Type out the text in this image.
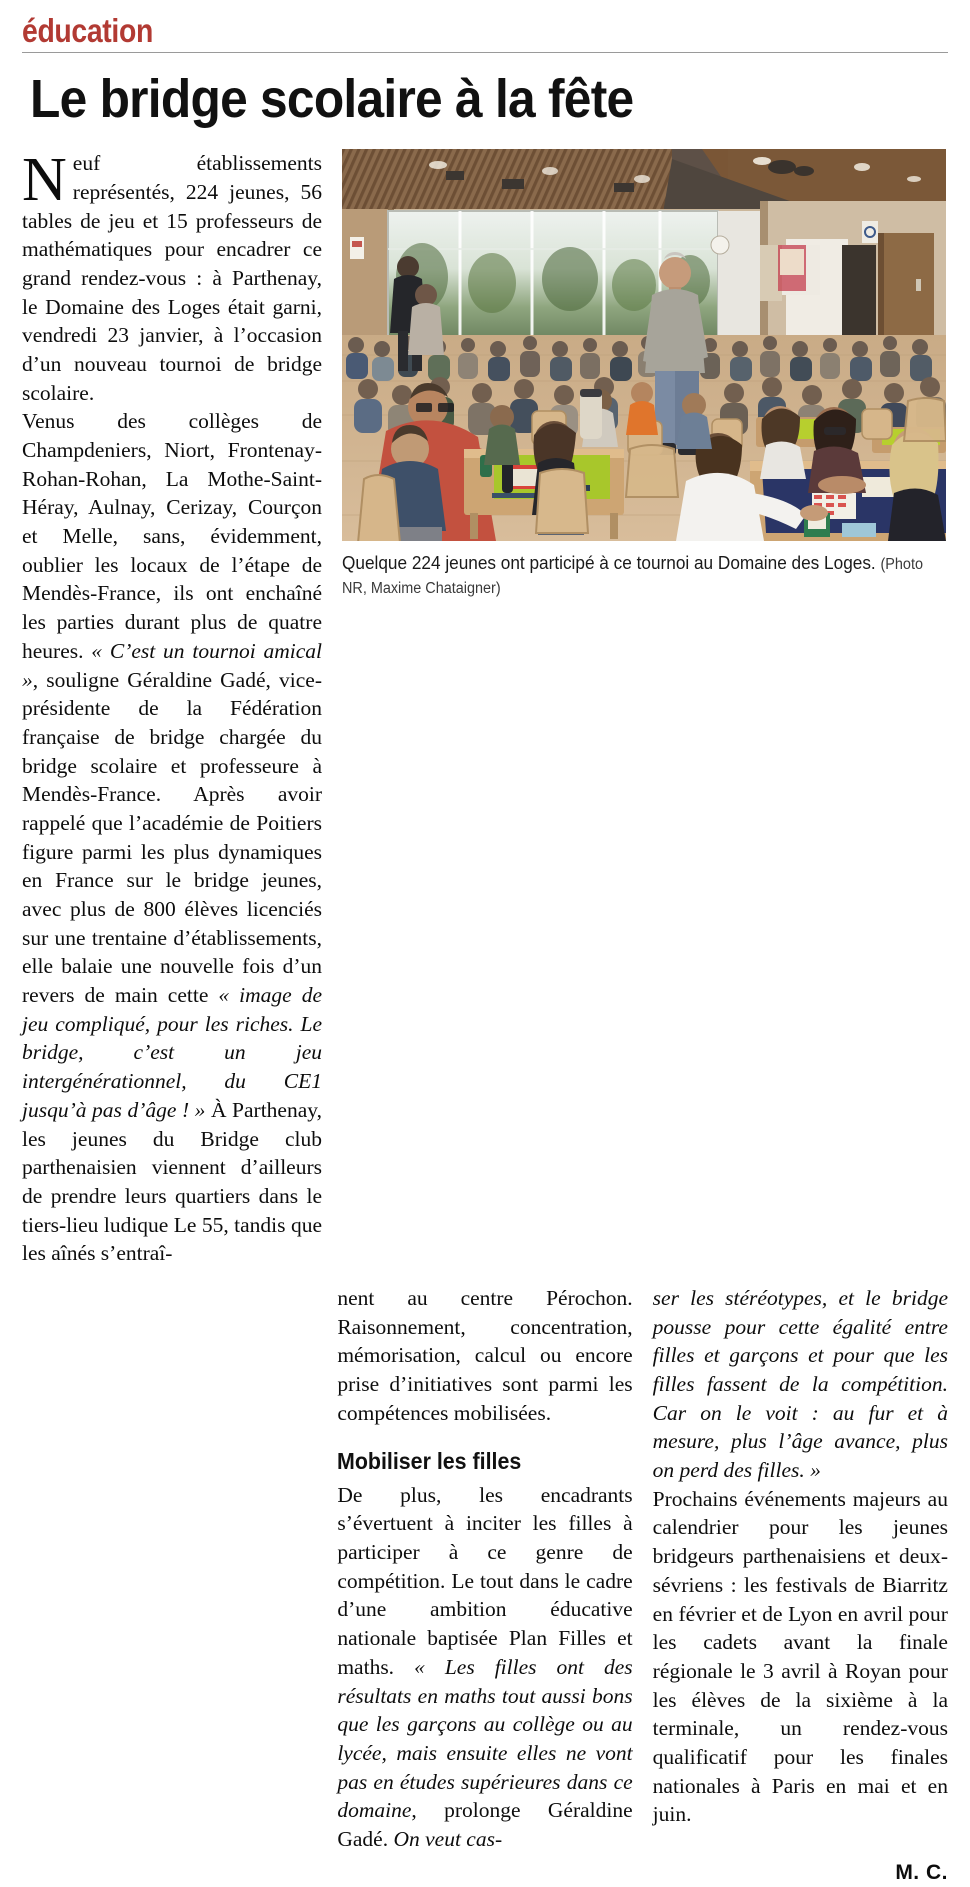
éducation
Le bridge scolaire à la fête

Neuf établissements représentés, 224 jeunes, 56 tables de jeu et 15 professeurs de mathématiques pour encadrer ce grand rendez-vous : à Parthenay, le Domaine des Loges était garni, vendredi 23 janvier, à l’occasion d’un nouveau tournoi de bridge scolaire.

Venus des collèges de Champdeniers, Niort, Frontenay-Rohan-Rohan, La Mothe-Saint-Héray, Aulnay, Cerizay, Courçon et Melle, sans, évidemment, oublier les locaux de l’étape de Mendès-France, ils ont enchaîné les parties durant plus de quatre heures. « C’est un tournoi amical », souligne Géraldine Gadé, vice-présidente de la Fédération française de bridge chargée du bridge scolaire et professeure à Mendès-France. Après avoir rappelé que l’académie de Poitiers figure parmi les plus dynamiques en France sur le bridge jeunes, avec plus de 800 élèves licenciés sur une trentaine d’établissements, elle balaie une nouvelle fois d’un revers de main cette « image de jeu compliqué, pour les riches. Le bridge, c’est un jeu intergénérationnel, du CE1 jusqu’à pas d’âge ! » À Parthenay, les jeunes du Bridge club parthenaisien viennent d’ailleurs de prendre leurs quartiers dans le tiers-lieu ludique Le 55, tandis que les aînés s’entraî-

Quelque 224 jeunes ont participé à ce tournoi au Domaine des Loges. (Photo NR, Maxime Chataigner)

nent au centre Pérochon. Raisonnement, concentration, mémorisation, calcul ou encore prise d’initiatives sont parmi les compétences mobilisées.

Mobiliser les filles

De plus, les encadrants s’évertuent à inciter les filles à participer à ce genre de compétition. Le tout dans le cadre d’une ambition éducative nationale baptisée Plan Filles et maths. « Les filles ont des résultats en maths tout aussi bons que les garçons au collège ou au lycée, mais ensuite elles ne vont pas en études supérieures dans ce domaine, prolonge Géraldine Gadé. On veut cas-

ser les stéréotypes, et le bridge pousse pour cette égalité entre filles et garçons et pour que les filles fassent de la compétition. Car on le voit : au fur et à mesure, plus l’âge avance, plus on perd des filles. »

Prochains événements majeurs au calendrier pour les jeunes bridgeurs parthenaisiens et deux-sévriens : les festivals de Biarritz en février et de Lyon en avril pour les cadets avant la finale régionale le 3 avril à Royan pour les élèves de la sixième à la terminale, un rendez-vous qualificatif pour les finales nationales à Paris en mai et en juin.

M. C.
